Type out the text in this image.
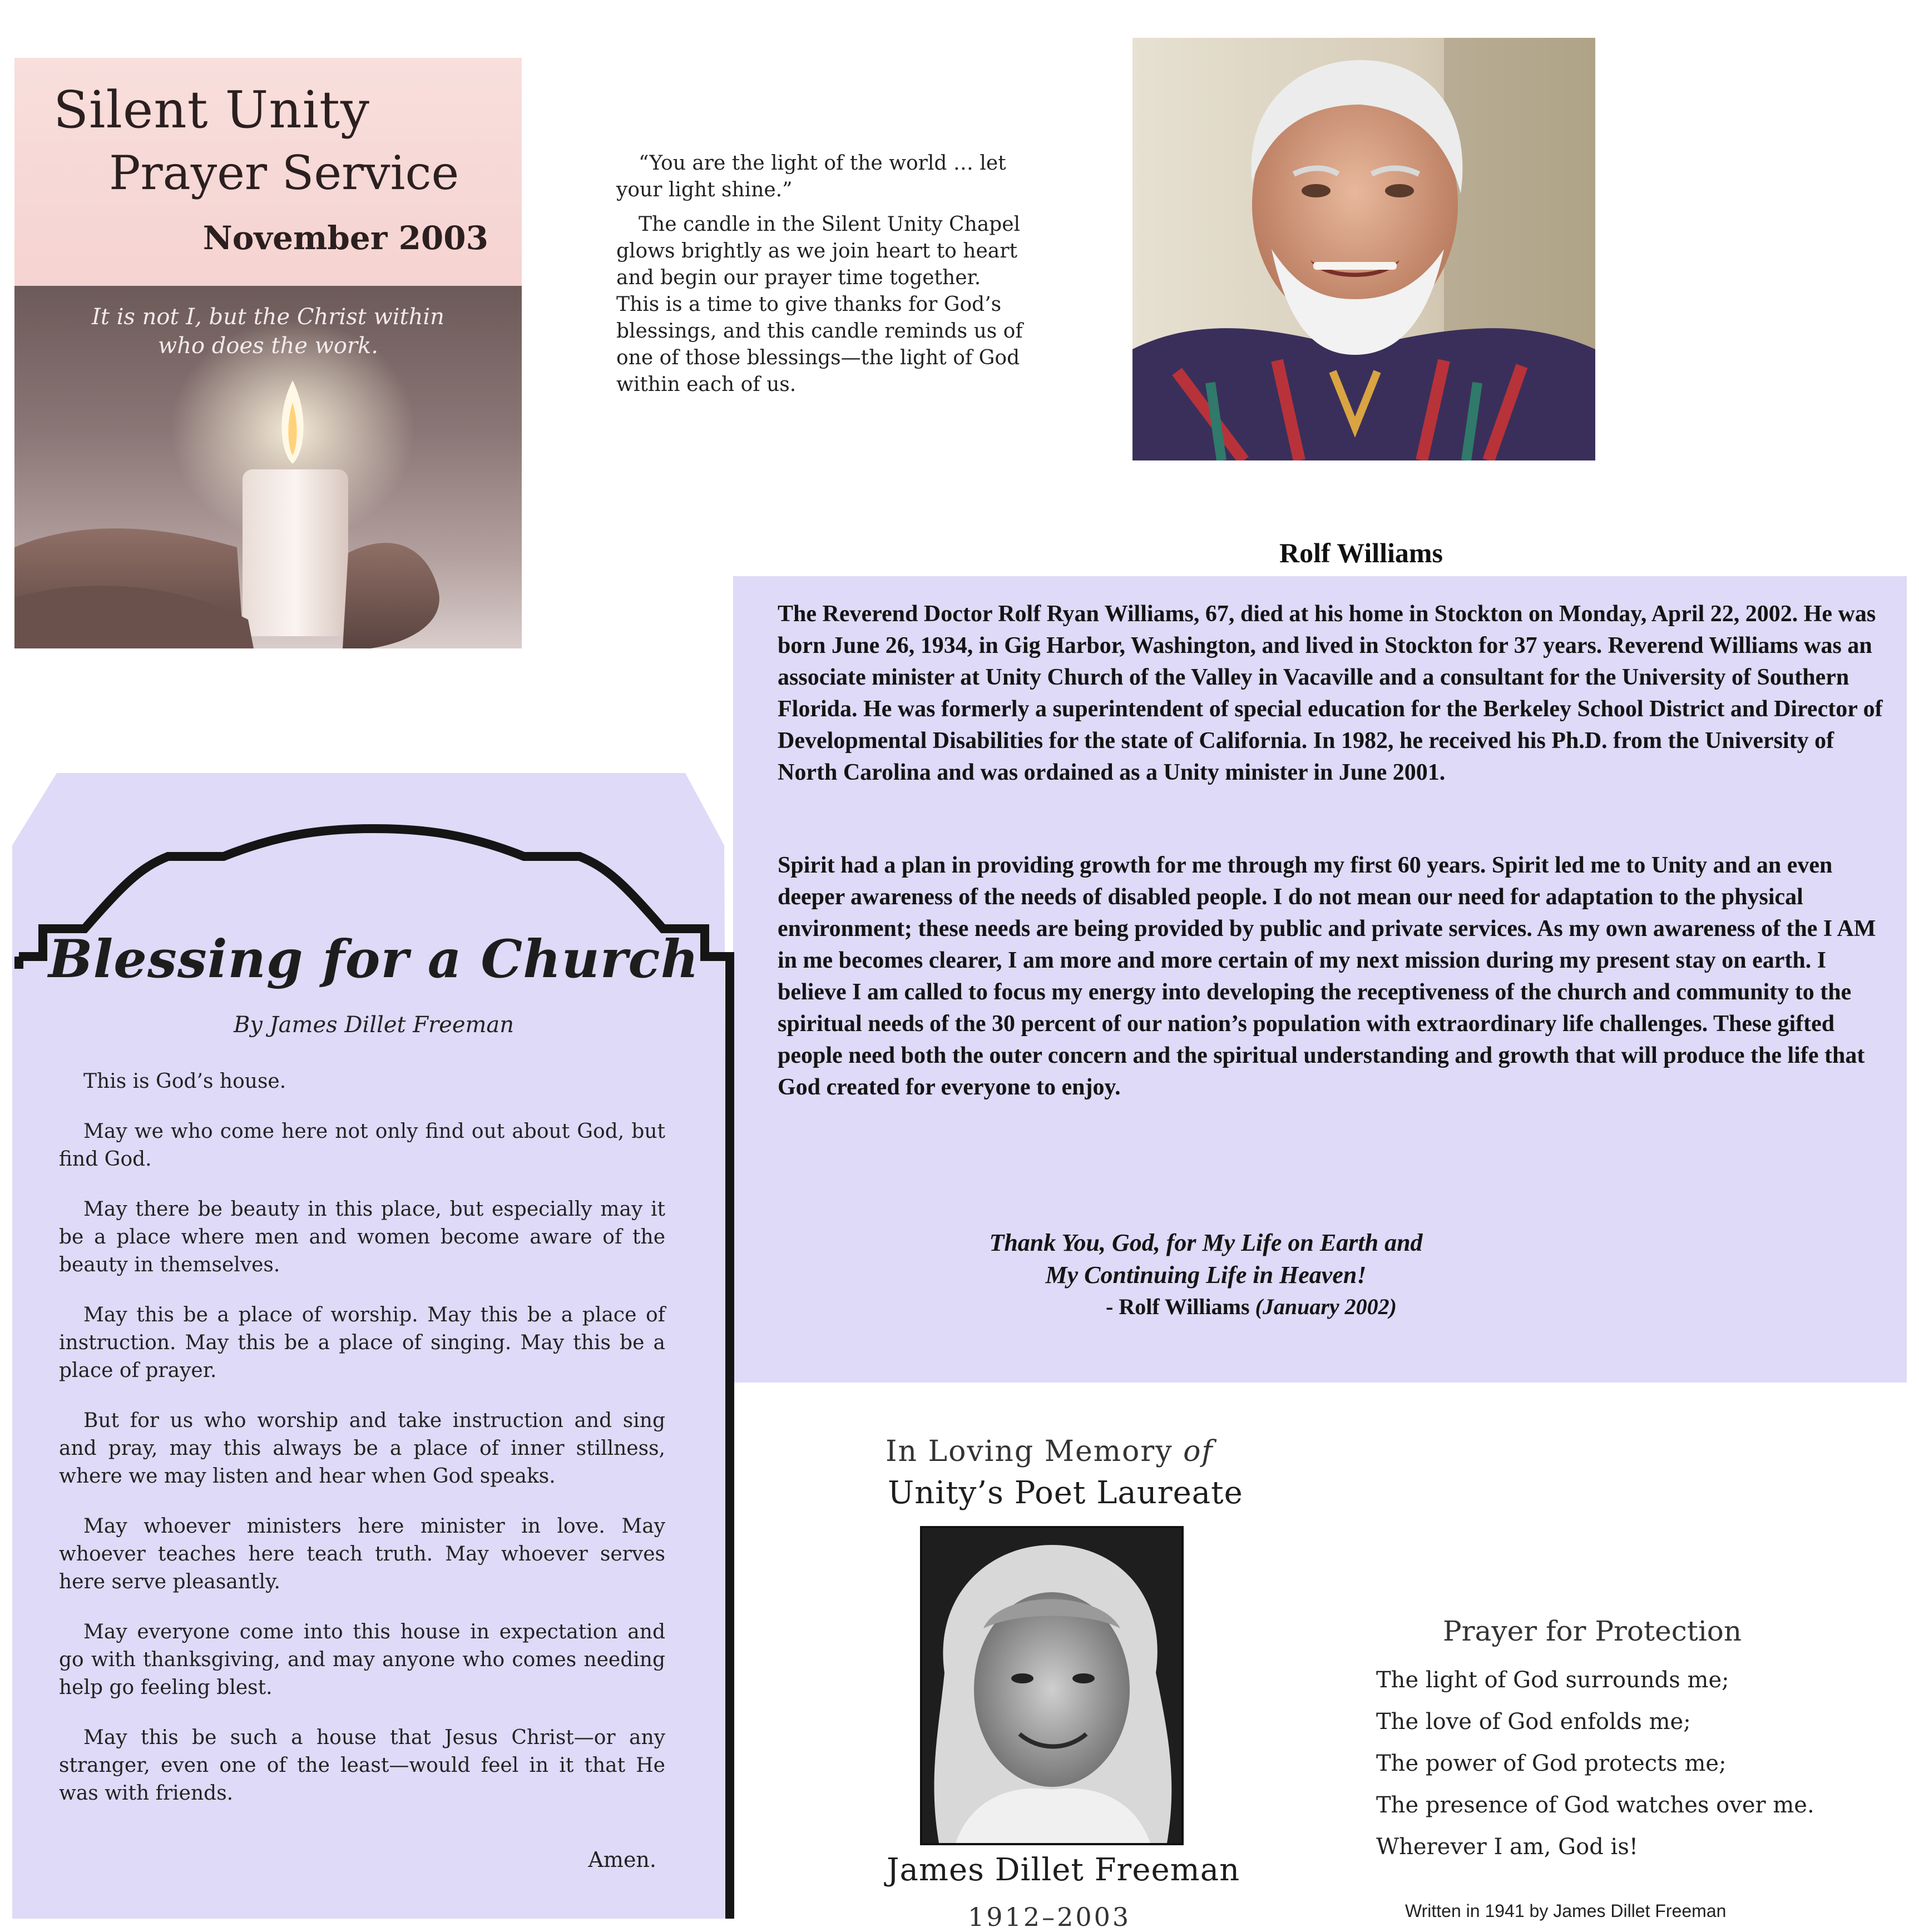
Silent Unity
Prayer Service
November 2003
It is not I, but the Christ within
who does the work.

“You are the light of the world … let your light shine.”

The candle in the Silent Unity Chapel glows brightly as we join heart to heart and begin our prayer time together. This is a time to give thanks for God’s blessings, and this candle reminds us of one of those blessings—the light of God within each of us.

Rolf Williams

The Reverend Doctor Rolf Ryan Williams, 67, died at his home in Stockton on Monday, April 22, 2002. He was born June 26, 1934, in Gig Harbor, Washington, and lived in Stockton for 37 years. Reverend Williams was an associate minister at Unity Church of the Valley in Vacaville and a consultant for the University of Southern Florida. He was formerly a superintendent of special education for the Berkeley School District and Director of Developmental Disabilities for the state of California. In 1982, he received his Ph.D. from the University of North Carolina and was ordained as a Unity minister in June 2001.

Spirit had a plan in providing growth for me through my first 60 years. Spirit led me to Unity and an even deeper awareness of the needs of disabled people. I do not mean our need for adaptation to the physical environment; these needs are being provided by public and private services. As my own awareness of the I AM in me becomes clearer, I am more and more certain of my next mission during my present stay on earth. I believe I am called to focus my energy into developing the receptiveness of the church and community to the spiritual needs of the 30 percent of our nation’s population with extraordinary life challenges. These gifted people need both the outer concern and the spiritual understanding and growth that will produce the life that God created for everyone to enjoy.

Thank You, God, for My Life on Earth and
My Continuing Life in Heaven!
- Rolf Williams (January 2002)
Blessing for a Church
By James Dillet Freeman

This is God’s house.

May we who come here not only find out about God, but find God.

May there be beauty in this place, but especially may it be a place where men and women become aware of the beauty in themselves.

May this be a place of worship. May this be a place of instruction. May this be a place of singing. May this be a place of prayer.

But for us who worship and take instruction and sing and pray, may this always be a place of inner stillness, where we may listen and hear when God speaks.

May whoever ministers here minister in love. May whoever teaches here teach truth. May whoever serves here serve pleasantly.

May everyone come into this house in expectation and go with thanksgiving, and may anyone who comes needing help go feeling blest.

May this be such a house that Jesus Christ—or any stranger, even one of the least—would feel in it that He was with friends.

Amen.
In Loving Memory of
Unity’s Poet Laureate
James Dillet Freeman
1912–2003
Prayer for Protection
The light of God surrounds me;
The love of God enfolds me;
The power of God protects me;
The presence of God watches over me.
Wherever I am, God is!
Written in 1941 by James Dillet Freeman
